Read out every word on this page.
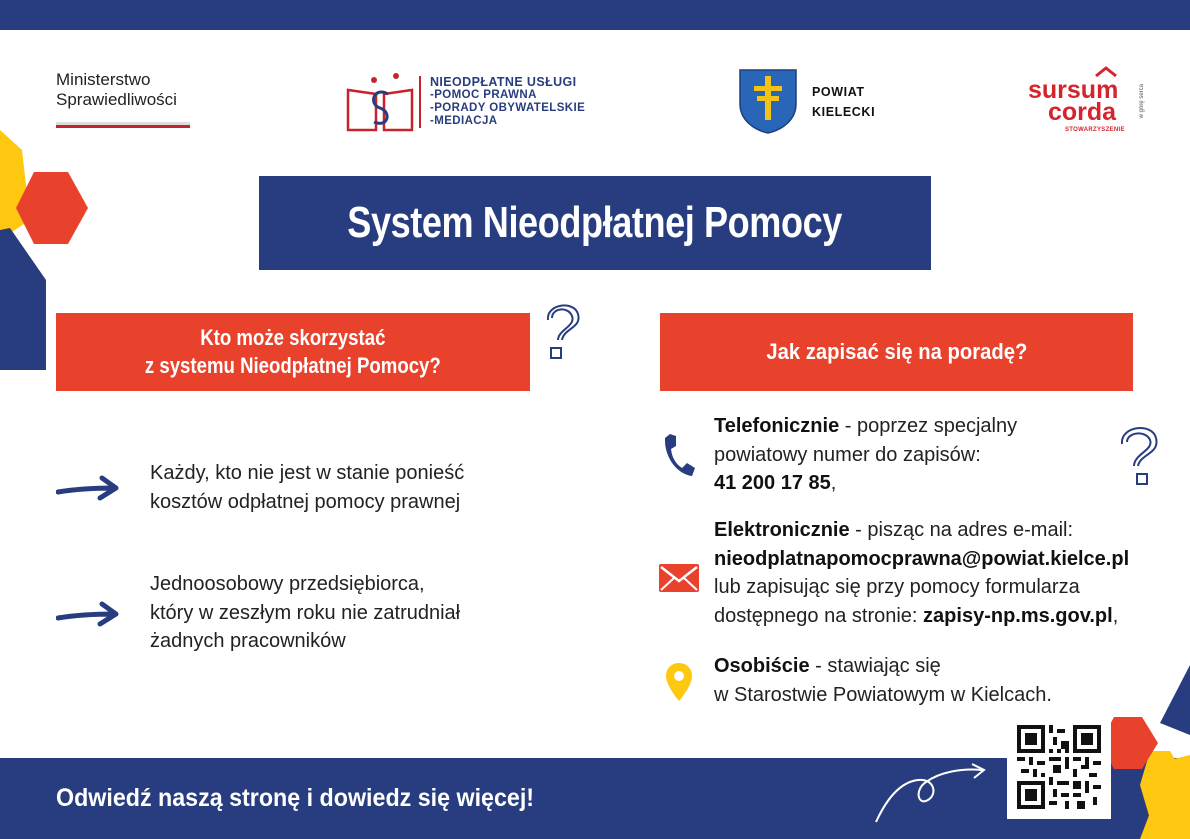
Ministerstwo
Sprawiedliwości
NIEODPŁATNE USŁUGI
-POMOC PRAWNA
-PORADY OBYWATELSKIE
-MEDIACJA
POWIAT
KIELECKI
sursum
corda
STOWARZYSZENIE
w górę serca
System Nieodpłatnej Pomocy
Kto może skorzystać
z systemu Nieodpłatnej Pomocy?
Każdy, kto nie jest w stanie ponieść
kosztów odpłatnej pomocy prawnej
Jednoosobowy przedsiębiorca,
który w zeszłym roku nie zatrudniał
żadnych pracowników
Jak zapisać się na poradę?
Telefonicznie - poprzez specjalny
powiatowy numer do zapisów:
41 200 17 85,
Elektronicznie - pisząc na adres e-mail:
nieodplatnapomocprawna@powiat.kielce.pl
lub zapisując się przy pomocy formularza
dostępnego na stronie: zapisy-np.ms.gov.pl,
Osobiście - stawiając się
w Starostwie Powiatowym w Kielcach.
Odwiedź naszą stronę i dowiedz się więcej!
